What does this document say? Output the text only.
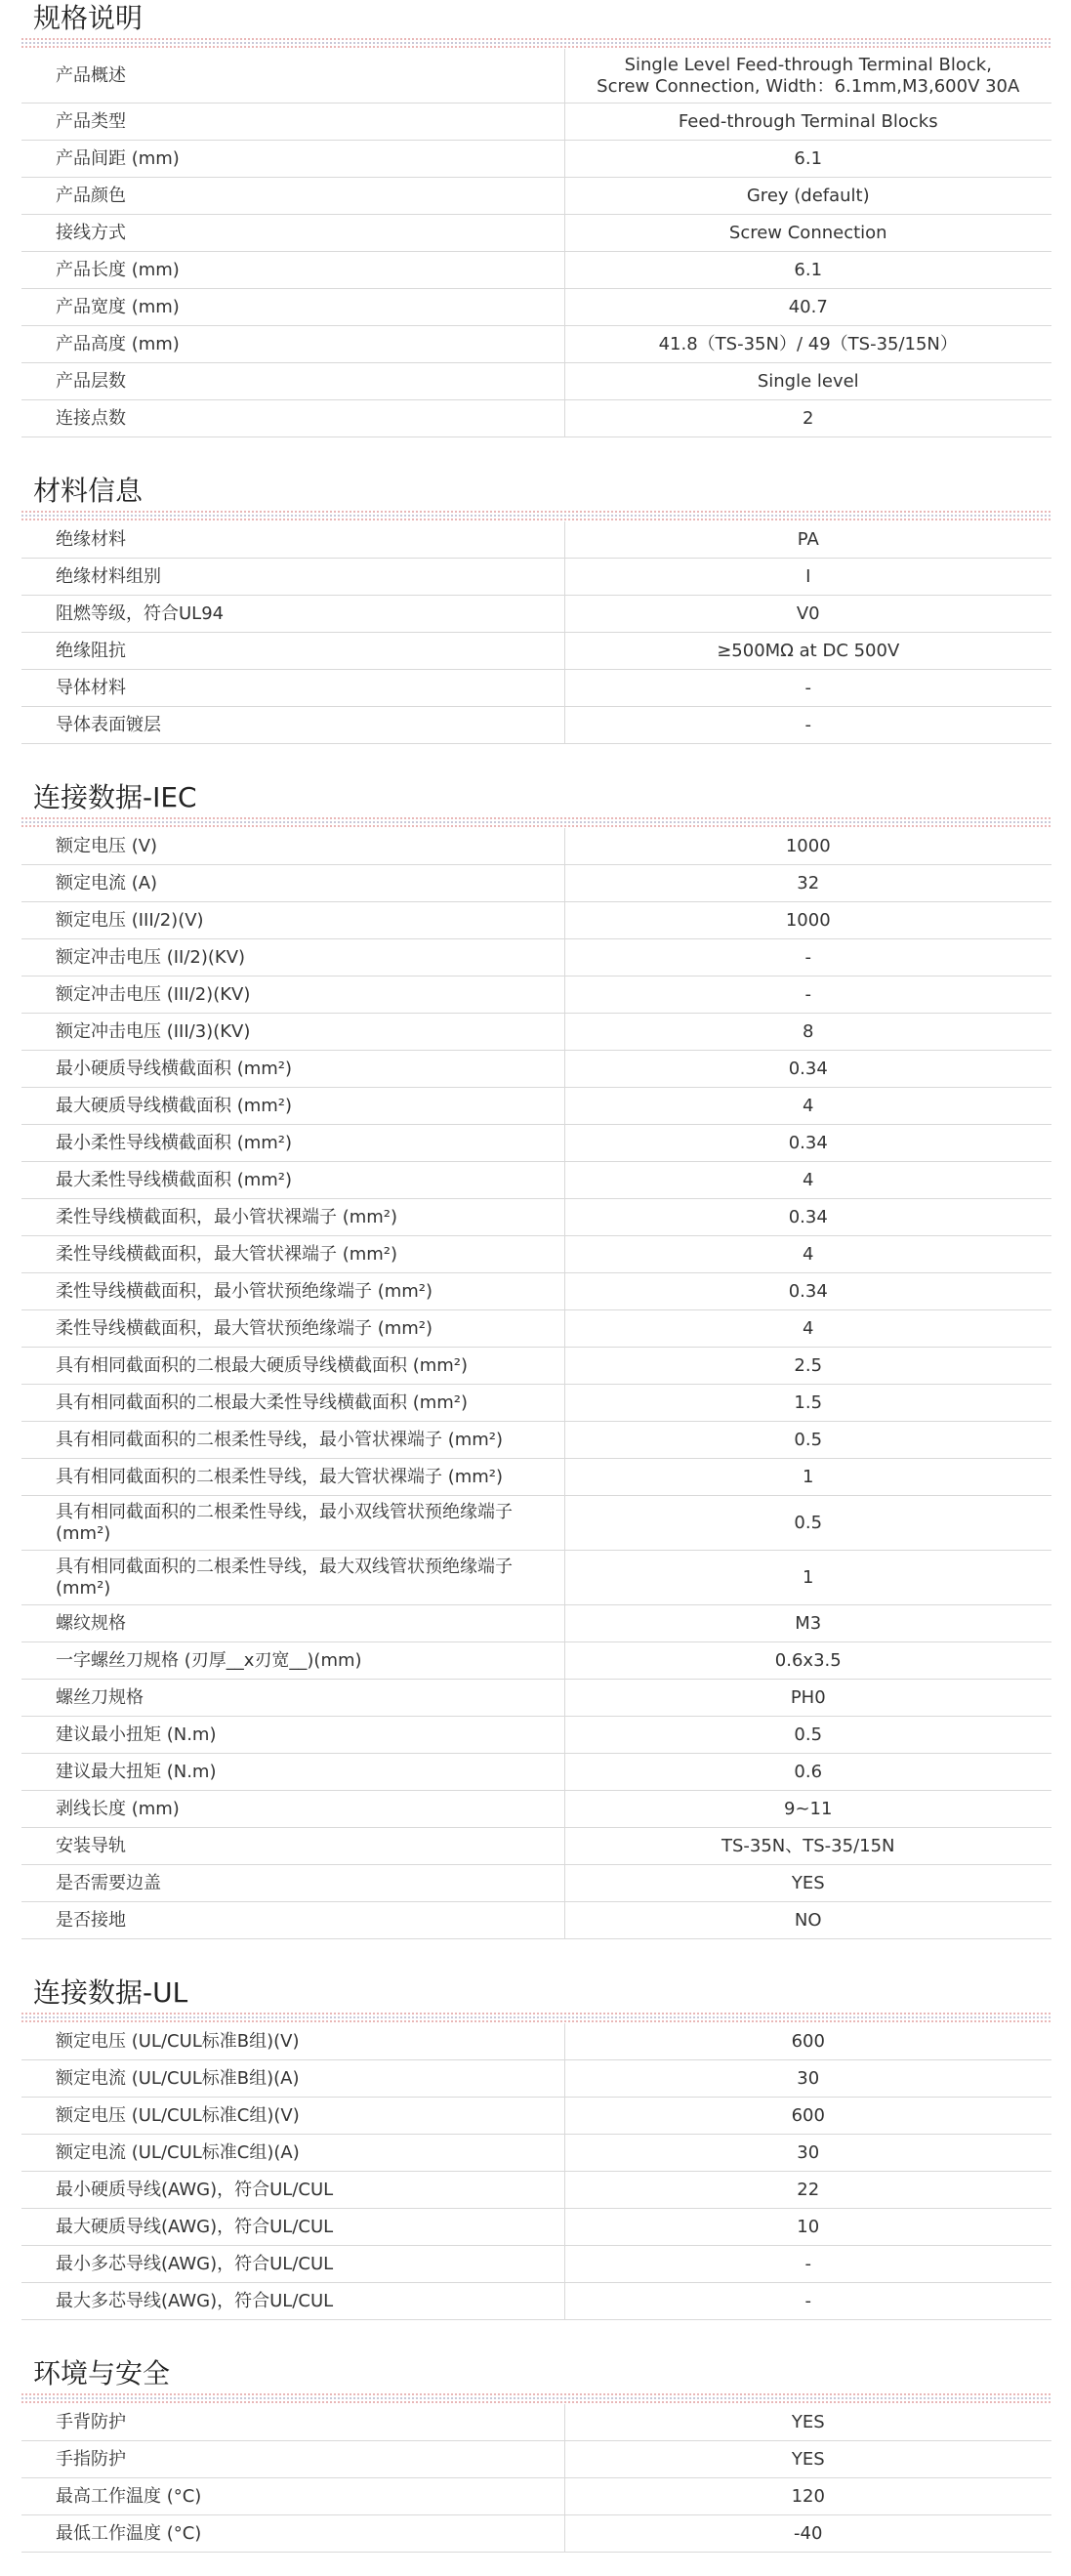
规格说明
产品概述	Single Level Feed-through Terminal Block,
Screw Connection, Width：6.1mm,M3,600V 30A
产品类型	Feed-through Terminal Blocks
产品间距 (mm)	6.1
产品颜色	Grey (default)
接线方式	Screw Connection
产品长度 (mm)	6.1
产品宽度 (mm)	40.7
产品高度 (mm)	41.8（TS-35N）/ 49（TS-35/15N）
产品层数	Single level
连接点数	2
材料信息
绝缘材料	PA
绝缘材料组别	I
阻燃等级，符合UL94	V0
绝缘阻抗	≥500MΩ at DC 500V
导体材料	-
导体表面镀层	-
连接数据-IEC
额定电压 (V)	1000
额定电流 (A)	32
额定电压 (III/2)(V)	1000
额定冲击电压 (II/2)(KV)	-
额定冲击电压 (III/2)(KV)	-
额定冲击电压 (III/3)(KV)	8
最小硬质导线横截面积 (mm²)	0.34
最大硬质导线横截面积 (mm²)	4
最小柔性导线横截面积 (mm²)	0.34
最大柔性导线横截面积 (mm²)	4
柔性导线横截面积，最小管状裸端子 (mm²)	0.34
柔性导线横截面积，最大管状裸端子 (mm²)	4
柔性导线横截面积，最小管状预绝缘端子 (mm²)	0.34
柔性导线横截面积，最大管状预绝缘端子 (mm²)	4
具有相同截面积的二根最大硬质导线横截面积 (mm²)	2.5
具有相同截面积的二根最大柔性导线横截面积 (mm²)	1.5
具有相同截面积的二根柔性导线，最小管状裸端子 (mm²)	0.5
具有相同截面积的二根柔性导线，最大管状裸端子 (mm²)	1
具有相同截面积的二根柔性导线，最小双线管状预绝缘端子 (mm²)	0.5
具有相同截面积的二根柔性导线，最大双线管状预绝缘端子 (mm²)	1
螺纹规格	M3
一字螺丝刀规格 (刃厚__x刃宽__)(mm)	0.6x3.5
螺丝刀规格	PH0
建议最小扭矩 (N.m)	0.5
建议最大扭矩 (N.m)	0.6
剥线长度 (mm)	9~11
安装导轨	TS-35N、TS-35/15N
是否需要边盖	YES
是否接地	NO
连接数据-UL
额定电压 (UL/CUL标准B组)(V)	600
额定电流 (UL/CUL标准B组)(A)	30
额定电压 (UL/CUL标准C组)(V)	600
额定电流 (UL/CUL标准C组)(A)	30
最小硬质导线(AWG)，符合UL/CUL	22
最大硬质导线(AWG)，符合UL/CUL	10
最小多芯导线(AWG)，符合UL/CUL	-
最大多芯导线(AWG)，符合UL/CUL	-
环境与安全
手背防护	YES
手指防护	YES
最高工作温度 (°C)	120
最低工作温度 (°C)	-40
